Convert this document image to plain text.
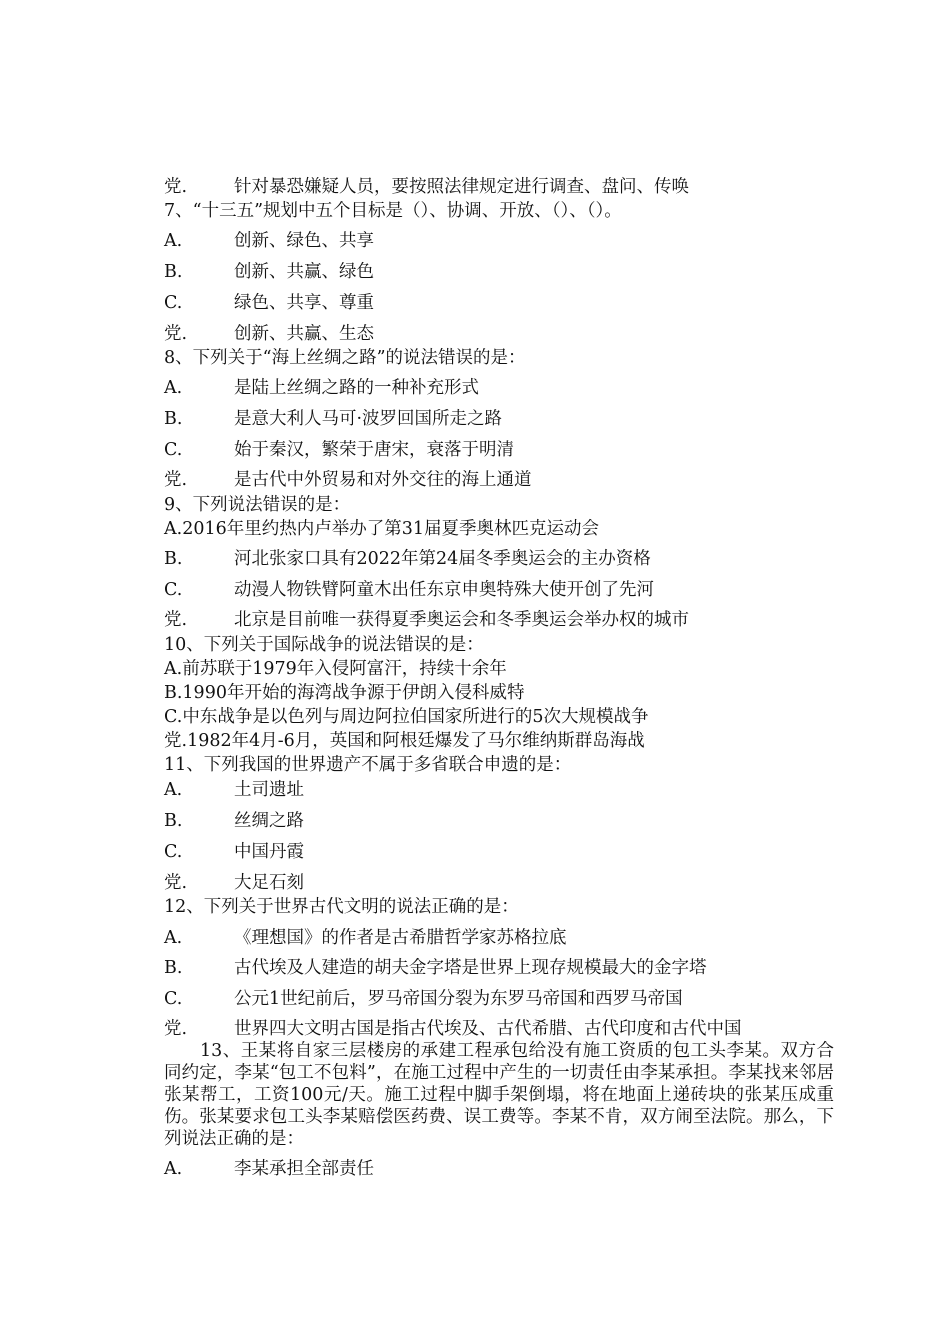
党.	针对暴恐嫌疑人员，要按照法律规定进行调查、盘问、传唤
7、“十三五”规划中五个目标是（）、协调、开放、（）、（）。
A.	创新、绿色、共享
B.	创新、共赢、绿色
C.	绿色、共享、尊重
党.	创新、共赢、生态
8、下列关于“海上丝绸之路”的说法错误的是：
A.	是陆上丝绸之路的一种补充形式
B.	是意大利人马可·波罗回国所走之路
C.	始于秦汉，繁荣于唐宋，衰落于明清
党.	是古代中外贸易和对外交往的海上通道
9、下列说法错误的是：
A.2016年里约热内卢举办了第31届夏季奥林匹克运动会
B.	河北张家口具有2022年第24届冬季奥运会的主办资格
C.	动漫人物铁臂阿童木出任东京申奥特殊大使开创了先河
党.	北京是目前唯一获得夏季奥运会和冬季奥运会举办权的城市
10、下列关于国际战争的说法错误的是：
A.前苏联于1979年入侵阿富汗，持续十余年
B.1990年开始的海湾战争源于伊朗入侵科威特
C.中东战争是以色列与周边阿拉伯国家所进行的5次大规模战争
党.1982年4月-6月，英国和阿根廷爆发了马尔维纳斯群岛海战
11、下列我国的世界遗产不属于多省联合申遗的是：
A.	土司遗址
B.	丝绸之路
C.	中国丹霞
党.	大足石刻
12、下列关于世界古代文明的说法正确的是：
A.	《理想国》的作者是古希腊哲学家苏格拉底
B.	古代埃及人建造的胡夫金字塔是世界上现存规模最大的金字塔
C.	公元1世纪前后，罗马帝国分裂为东罗马帝国和西罗马帝国
党.	世界四大文明古国是指古代埃及、古代希腊、古代印度和古代中国
13、王某将自家三层楼房的承建工程承包给没有施工资质的包工头李某。双方合同约定，李某“包工不包料”，在施工过程中产生的一切责任由李某承担。李某找来邻居张某帮工，工资100元/天。施工过程中脚手架倒塌，将在地面上递砖块的张某压成重伤。张某要求包工头李某赔偿医药费、误工费等。李某不肯，双方闹至法院。那么，下列说法正确的是：
A.	李某承担全部责任
